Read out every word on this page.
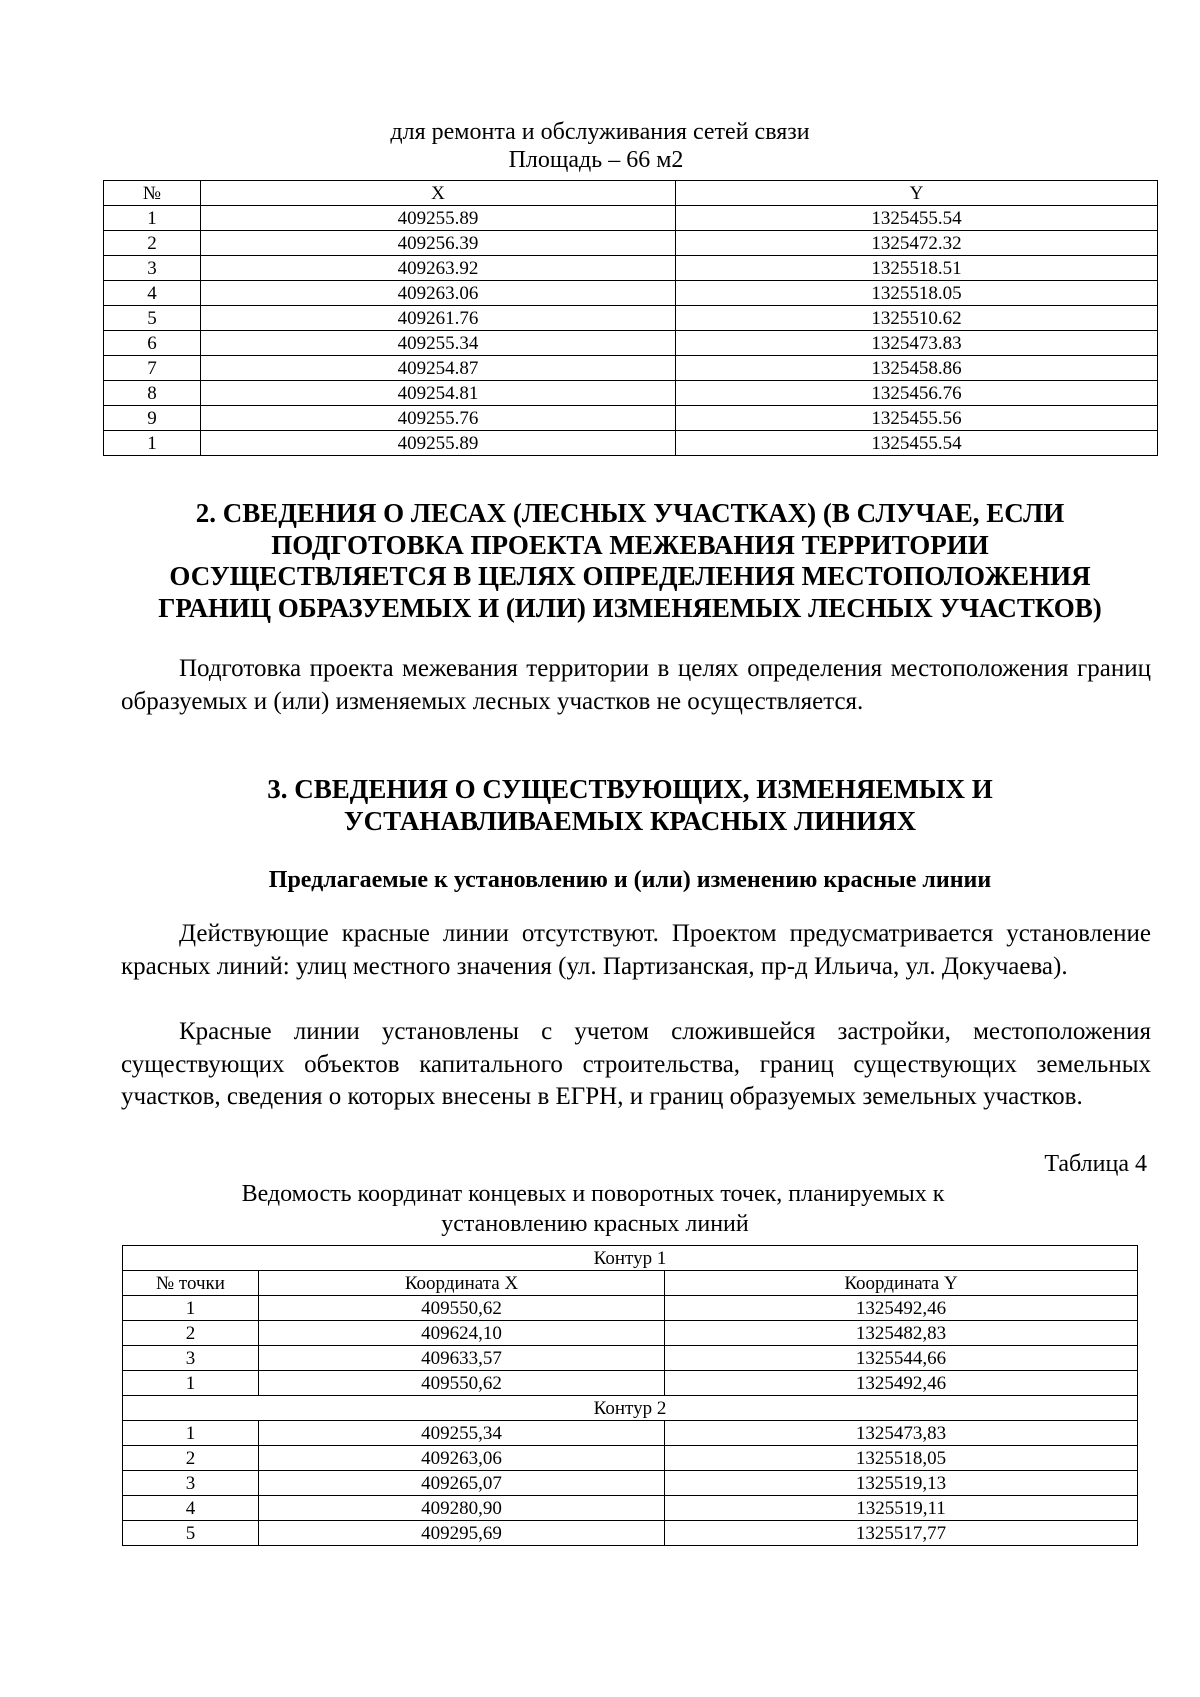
для ремонта и обслуживания сетей связи
Площадь – 66 м2
№	X	Y
1	409255.89	1325455.54
2	409256.39	1325472.32
3	409263.92	1325518.51
4	409263.06	1325518.05
5	409261.76	1325510.62
6	409255.34	1325473.83
7	409254.87	1325458.86
8	409254.81	1325456.76
9	409255.76	1325455.56
1	409255.89	1325455.54
2. СВЕДЕНИЯ О ЛЕСАХ (ЛЕСНЫХ УЧАСТКАХ) (В СЛУЧАЕ, ЕСЛИ
ПОДГОТОВКА ПРОЕКТА МЕЖЕВАНИЯ ТЕРРИТОРИИ
ОСУЩЕСТВЛЯЕТСЯ В ЦЕЛЯХ ОПРЕДЕЛЕНИЯ МЕСТОПОЛОЖЕНИЯ
ГРАНИЦ ОБРАЗУЕМЫХ И (ИЛИ) ИЗМЕНЯЕМЫХ ЛЕСНЫХ УЧАСТКОВ)
Подготовка проекта межевания территории в целях определения местоположения границ образуемых и (или) изменяемых лесных участков не осуществляется.
3. СВЕДЕНИЯ О СУЩЕСТВУЮЩИХ, ИЗМЕНЯЕМЫХ И
УСТАНАВЛИВАЕМЫХ КРАСНЫХ ЛИНИЯХ
Предлагаемые к установлению и (или) изменению красные линии
Действующие красные линии отсутствуют. Проектом предусматривается установление красных линий: улиц местного значения (ул. Партизанская, пр-д Ильича, ул. Докучаева).
Красные линии установлены с учетом сложившейся застройки, местоположения существующих объектов капитального строительства, границ существующих земельных участков, сведения о которых внесены в ЕГРН, и границ образуемых земельных участков.
Таблица 4
Ведомость координат концевых и поворотных точек, планируемых к
установлению красных линий
Контур 1		
№ точки	Координата X	Координата Y
1	409550,62	1325492,46
2	409624,10	1325482,83
3	409633,57	1325544,66
1	409550,62	1325492,46
Контур 2		
1	409255,34	1325473,83
2	409263,06	1325518,05
3	409265,07	1325519,13
4	409280,90	1325519,11
5	409295,69	1325517,77
